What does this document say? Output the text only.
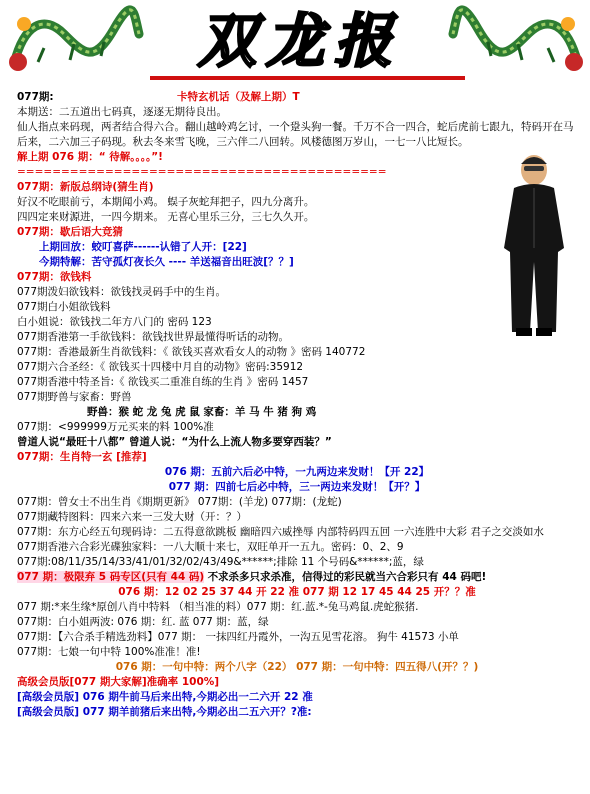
双龙报
077期:	卡特玄机话（及解上期）T
本期送：二五道出七码真，逐逐无期待良出。
仙人指点来码现，两者结合得六合。翻山越岭鸡乞讨，一个跫头狗一餐。千万不合一四合，蛇后虎前七跟九，特码开在马后来，二六加三子码现。秋去冬来雪飞晚，三六伴二八回转。风楼德图万岁山，一七一八比短长。
解上期 076 期：“ 待解。。。。”!
==========================================
077期：新版总纲诗(猜生肖)
好汉不吃眼前亏，本期闻小鸡。 蜈子灰蛇拜把子，四九分离升。
四四定来财源进，一四今期来。 无喜心里乐三分，三七久久开。
077期：歇后语大竞猜
上期回放：蛟叮喜萨------认错了人开：[22]
今期特解：苦守孤灯夜长久 ---- 羊送福音出旺波[？？]
077期：欲钱料
077期泼妇欲钱料：欲钱找灵码手中的生肖。
077期白小姐欲钱料
白小姐说：欲钱找二年方八门的 密码 123
077期香港第一手欲钱料：欲钱找世界最懂得听话的动物。
077期：香港最新生肖欲钱料：《 欲钱买喜欢看女人的动物 》密码 140772
077期六合圣经：《 欲钱买十四楼中月自的动物》密码:35912
077期香港中特圣旨:《 欲钱买二重准自练的生肖 》密码 1457
077期野兽与家畜：野兽
野兽：猴 蛇 龙 兔 虎 鼠 家畜：羊 马 牛 猪 狗 鸡
077期：<999999万元买来的料 100%准
曾道人说“最旺十八都” 曾道人说：“为什么上流人物多要穿西装？”
077期：生肖特一玄 [推荐]
076 期：五前六后必中特，一九两边来发财！【开 22】
077 期：四前七后必中特，三一两边来发财！【开？】
077期：曾女士不出生肖《期期更新》 077期：(羊龙) 077期：(龙蛇)
077期藏特图料：四来六来一三发大财（开：？）
077期：东方心经五句现码诗：二五得意欲跳板 幽暗四六威挫辱 内部特码四五回 一六连胜中大彩 君子之交淡如水
077期香港六合彩光碟独家料：一八大顺十来七，双旺单开一五九。密码：0、2、9
077期:08/11/35/14/33/41/01/32/02/43/49&******;排除 11 个号码&******;蓝，绿
077 期：极限弃 5 码专区(只有 44 码) 不求杀多只求杀准，信得过的彩民就当六合彩只有 44 码吧!
076 期：12 02 25 37 44 开 22 准 077 期 12 17 45 44 25 开？？准
077 期:*来生缘*原创八肖中特料 （相当准的料）077 期：红.蓝.*-兔马鸡鼠.虎蛇猴猪.
077期：白小姐两波: 076 期：红. 蓝 077 期：蓝，绿
077期：【六合杀手精选劲料】077 期： 一抹四红丹霞外，一沟五见雪花溶。 狗牛 41573 小单
077期：七娘一句中特 100%准准！准!
076 期：一句中特：两个八字（22） 077 期：一句中特：四五得八(开？？)
高级会员版[077 期大家解]准确率 100%]
[高级会员版] 076 期牛前马后来出特,今期必出一二六开 22 准
[高级会员版] 077 期羊前猪后来出特,今期必出二五六开？?准:
